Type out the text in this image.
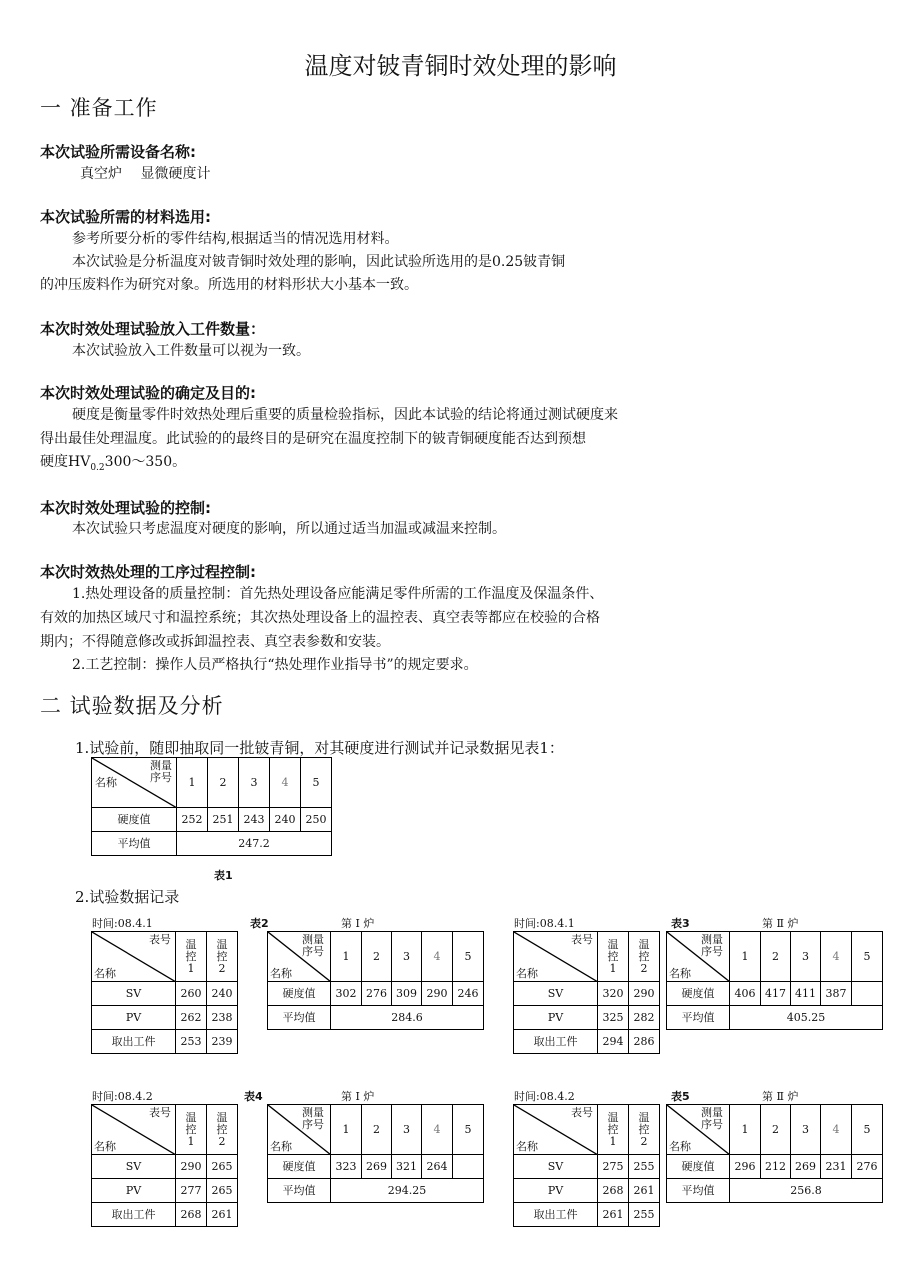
温度对铍青铜时效处理的影响
一 准备工作
本次试验所需设备名称:
真空炉　 显微硬度计
本次试验所需的材料选用:
参考所要分析的零件结构,根据适当的情况选用材料。
本次试验是分析温度对铍青铜时效处理的影响，因此试验所选用的是0.25铍青铜
的冲压废料作为研究对象。所选用的材料形状大小基本一致。
本次时效处理试验放入工件数量：
本次试验放入工件数量可以视为一致。
本次时效处理试验的确定及目的:
硬度是衡量零件时效热处理后重要的质量检验指标，因此本试验的结论将通过测试硬度来
得出最佳处理温度。此试验的的最终目的是研究在温度控制下的铍青铜硬度能否达到预想
硬度$HV_{0.2}300\sim 350$。
本次时效处理试验的控制:
本次试验只考虑温度对硬度的影响，所以通过适当加温或减温来控制。
本次时效热处理的工序过程控制:
1.热处理设备的质量控制：首先热处理设备应能满足零件所需的工作温度及保温条件、
有效的加热区域尺寸和温控系统；其次热处理设备上的温控表、真空表等都应在校验的合格
期内；不得随意修改或拆卸温控表、真空表参数和安装。
2.工艺控制：操作人员严格执行“热处理作业指导书”的规定要求。
二 试验数据及分析
1.试验前，随即抽取同一批铍青铜，对其硬度进行测试并记录数据见表1：
测量
序号
名称	1	2	3	4	5
硬度值	252	251	243	240	250
平均值	247.2				
表1
2.试验数据记录
时间:08.4.1
表号
名称	温
控
1	温
控
2
SV	260	240
PV	262	238
取出工件	253	239
表2	第 Ⅰ 炉
测量
序号
名称	1	2	3	4	5
硬度值	302	276	309	290	246
平均值	284.6				
时间:08.4.1
表号
名称	温
控
1	温
控
2
SV	320	290
PV	325	282
取出工件	294	286
表3	第 Ⅱ 炉
测量
序号
名称	1	2	3	4	5
硬度值	406	417	411	387	
平均值	405.25				
时间:08.4.2
表号
名称	温
控
1	温
控
2
SV	290	265
PV	277	265
取出工件	268	261
表4	第 Ⅰ 炉
测量
序号
名称	1	2	3	4	5
硬度值	323	269	321	264	
平均值	294.25				
时间:08.4.2
表号
名称	温
控
1	温
控
2
SV	275	255
PV	268	261
取出工件	261	255
表5	第 Ⅱ 炉
测量
序号
名称	1	2	3	4	5
硬度值	296	212	269	231	276
平均值	256.8				
